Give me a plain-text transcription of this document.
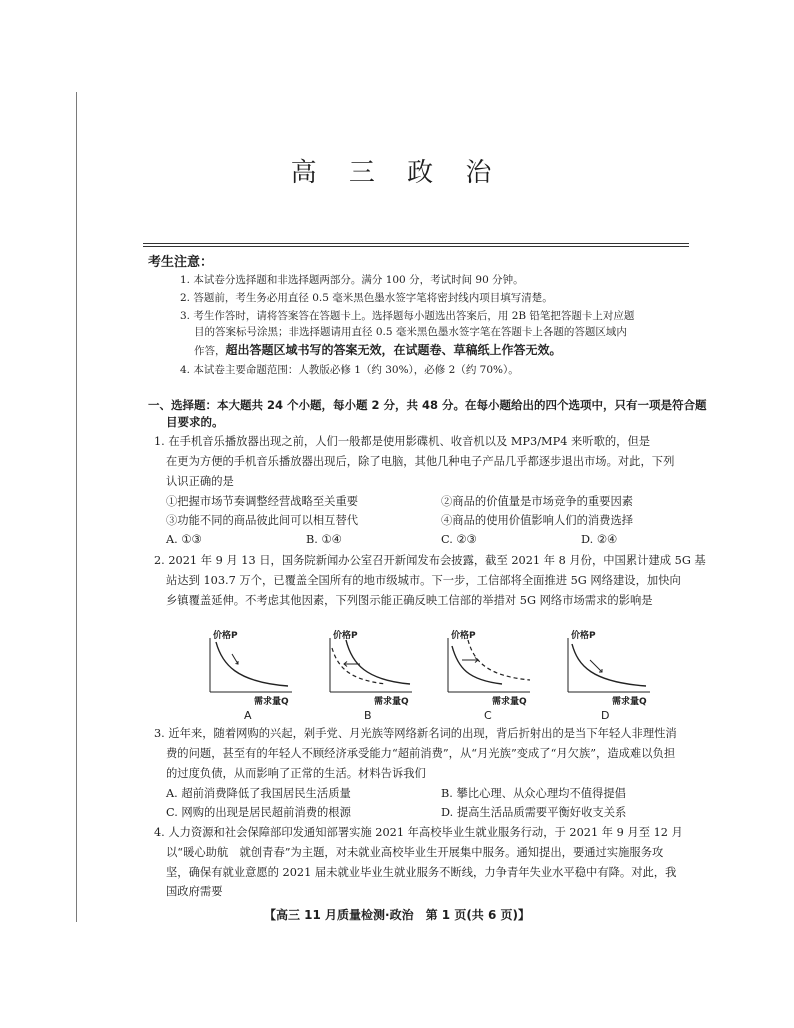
高 三 政 治
考生注意：
1. 本试卷分选择题和非选择题两部分。满分 100 分，考试时间 90 分钟。
2. 答题前，考生务必用直径 0.5 毫米黑色墨水签字笔将密封线内项目填写清楚。
3. 考生作答时，请将答案答在答题卡上。选择题每小题选出答案后，用 2B 铅笔把答题卡上对应题
目的答案标号涂黑；非选择题请用直径 0.5 毫米黑色墨水签字笔在答题卡上各题的答题区域内
作答，超出答题区域书写的答案无效，在试题卷、草稿纸上作答无效。
4. 本试卷主要命题范围：人教版必修 1（约 30%），必修 2（约 70%）。
一、选择题：本大题共 24 个小题，每小题 2 分，共 48 分。在每小题给出的四个选项中，只有一项是符合题
目要求的。
1. 在手机音乐播放器出现之前，人们一般都是使用影碟机、收音机以及 MP3/MP4 来听歌的，但是
在更为方便的手机音乐播放器出现后，除了电脑，其他几种电子产品几乎都逐步退出市场。对此，下列
认识正确的是
①把握市场节奏调整经营战略至关重要	②商品的价值量是市场竞争的重要因素
③功能不同的商品彼此间可以相互替代	④商品的使用价值影响人们的消费选择
A. ①③	B. ①④	C. ②③	D. ②④
2. 2021 年 9 月 13 日，国务院新闻办公室召开新闻发布会披露，截至 2021 年 8 月份，中国累计建成 5G 基
站达到 103.7 万个，已覆盖全国所有的地市级城市。下一步，工信部将全面推进 5G 网络建设，加快向
乡镇覆盖延伸。不考虑其他因素，下列图示能正确反映工信部的举措对 5G 网络市场需求的影响是
价格P
需求量Q
价格P
需求量Q
价格P
需求量Q
价格P
需求量Q
A	B	C	D
3. 近年来，随着网购的兴起，剁手党、月光族等网络新名词的出现，背后折射出的是当下年轻人非理性消
费的问题，甚至有的年轻人不顾经济承受能力“超前消费”，从“月光族”变成了“月欠族”，造成难以负担
的过度负债，从而影响了正常的生活。材料告诉我们
A. 超前消费降低了我国居民生活质量	B. 攀比心理、从众心理均不值得提倡
C. 网购的出现是居民超前消费的根源	D. 提高生活品质需要平衡好收支关系
4. 人力资源和社会保障部印发通知部署实施 2021 年高校毕业生就业服务行动，于 2021 年 9 月至 12 月
以“暖心助航　就创青春”为主题，对未就业高校毕业生开展集中服务。通知提出，要通过实施服务攻
坚，确保有就业意愿的 2021 届未就业毕业生就业服务不断线，力争青年失业水平稳中有降。对此，我
国政府需要
【高三 11 月质量检测·政治　第 1 页(共 6 页)】
